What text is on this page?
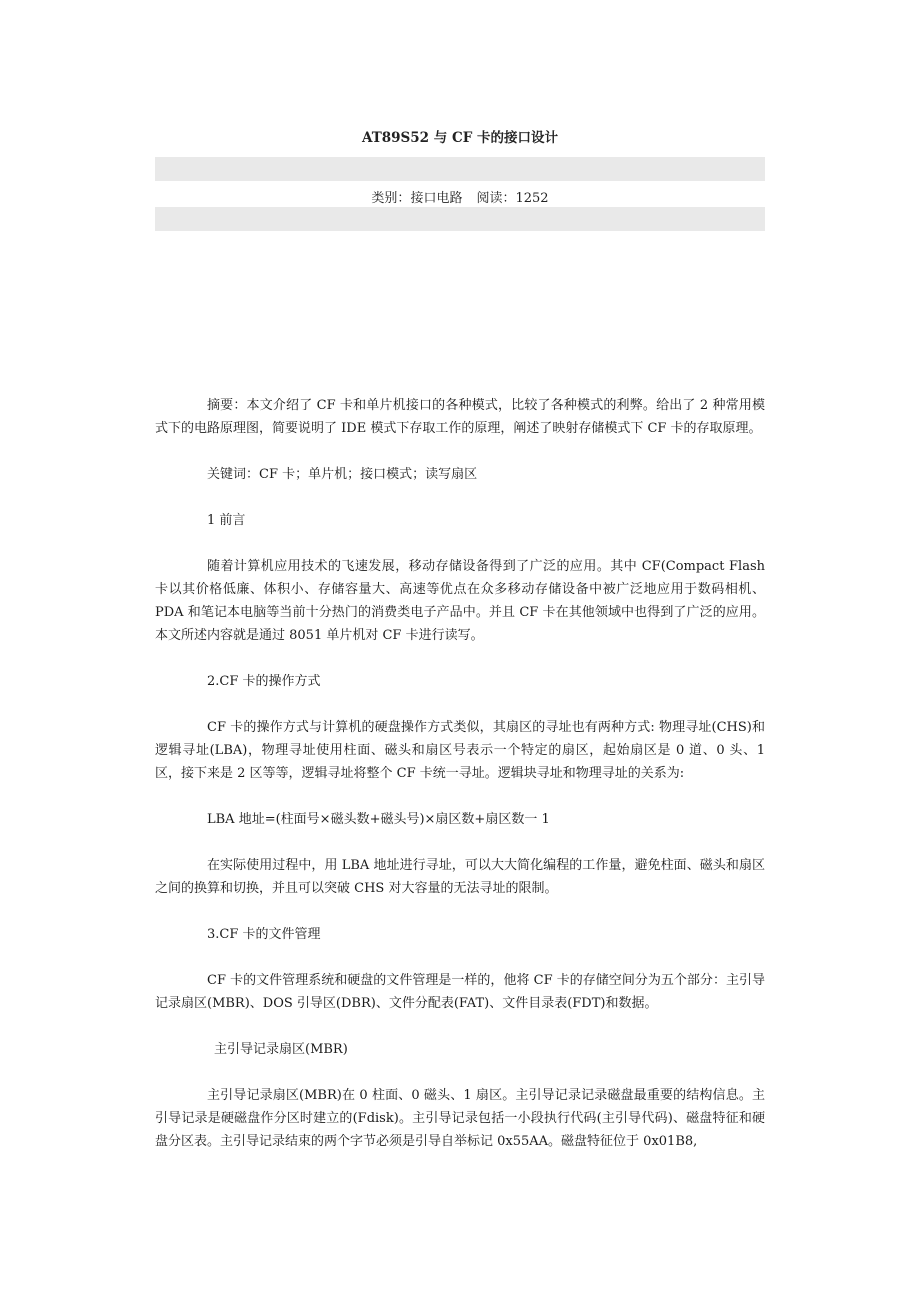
AT89S52 与 CF 卡的接口设计
类别：接口电路 阅读：1252

摘要：本文介绍了 CF 卡和单片机接口的各种模式，比较了各种模式的利弊。给出了 2 种常用模式下的电路原理图，简要说明了 IDE 模式下存取工作的原理，阐述了映射存储模式下 CF 卡的存取原理。

关键词：CF 卡；单片机；接口模式；读写扇区

1 前言

随着计算机应用技术的飞速发展，移动存储设备得到了广泛的应用。其中 CF(Compact Flash 卡以其价格低廉、体积小、存储容量大、高速等优点在众多移动存储设备中被广泛地应用于数码相机、PDA 和笔记本电脑等当前十分热门的消费类电子产品中。并且 CF 卡在其他领域中也得到了广泛的应用。本文所述内容就是通过 8051 单片机对 CF 卡进行读写。

2.CF 卡的操作方式

CF 卡的操作方式与计算机的硬盘操作方式类似，其扇区的寻址也有两种方式: 物理寻址(CHS)和逻辑寻址(LBA)，物理寻址使用柱面、磁头和扇区号表示一个特定的扇区，起始扇区是 0 道、0 头、1 区，接下来是 2 区等等，逻辑寻址将整个 CF 卡统一寻址。逻辑块寻址和物理寻址的关系为:

LBA 地址=(柱面号×磁头数+磁头号)×扇区数+扇区数一 1

在实际使用过程中，用 LBA 地址进行寻址，可以大大简化编程的工作量，避免柱面、磁头和扇区之间的换算和切换，并且可以突破 CHS 对大容量的无法寻址的限制。

3.CF 卡的文件管理

CF 卡的文件管理系统和硬盘的文件管理是一样的，他将 CF 卡的存储空间分为五个部分：主引导记录扇区(MBR)、DOS 引导区(DBR)、文件分配表(FAT)、文件目录表(FDT)和数据。

主引导记录扇区(MBR)

主引导记录扇区(MBR)在 0 柱面、0 磁头、1 扇区。主引导记录记录磁盘最重要的结构信息。主引导记录是硬磁盘作分区时建立的(Fdisk)。主引导记录包括一小段执行代码(主引导代码)、磁盘特征和硬盘分区表。主引导记录结束的两个字节必须是引导自举标记 0x55AA。磁盘特征位于 0x01B8,
